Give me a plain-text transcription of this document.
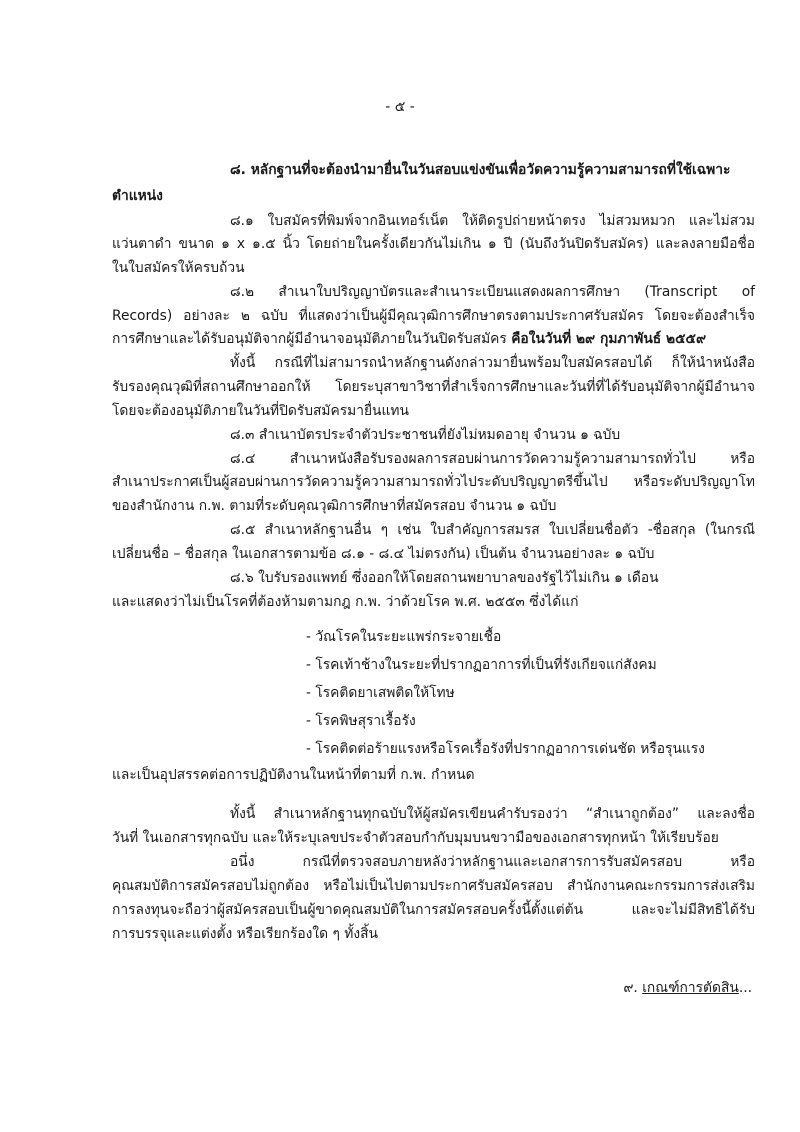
- ๕ -
๘. หลักฐานที่จะต้องนำมายื่นในวันสอบแข่งขันเพื่อวัดความรู้ความสามารถที่ใช้เฉพาะ
ตำแหน่ง
๘.๑ ใบสมัครที่พิมพ์จากอินเทอร์เน็ต ให้ติดรูปถ่ายหน้าตรง ไม่สวมหมวก และไม่สวม
แว่นตาดำ ขนาด ๑ x ๑.๕ นิ้ว โดยถ่ายในครั้งเดียวกันไม่เกิน ๑ ปี (นับถึงวันปิดรับสมัคร) และลงลายมือชื่อ
ในใบสมัครให้ครบถ้วน
๘.๒ สำเนาใบปริญญาบัตรและสำเนาระเบียนแสดงผลการศึกษา (Transcript of
Records) อย่างละ ๒ ฉบับ ที่แสดงว่าเป็นผู้มีคุณวุฒิการศึกษาตรงตามประกาศรับสมัคร โดยจะต้องสำเร็จ
การศึกษาและได้รับอนุมัติจากผู้มีอำนาจอนุมัติภายในวันปิดรับสมัคร คือในวันที่ ๒๙ กุมภาพันธ์ ๒๕๕๙
ทั้งนี้ กรณีที่ไม่สามารถนำหลักฐานดังกล่าวมายื่นพร้อมใบสมัครสอบได้ ก็ให้นำหนังสือ
รับรองคุณวุฒิที่สถานศึกษาออกให้ โดยระบุสาขาวิชาที่สำเร็จการศึกษาและวันที่ที่ได้รับอนุมัติจากผู้มีอำนาจ
โดยจะต้องอนุมัติภายในวันที่ปิดรับสมัครมายื่นแทน
๘.๓ สำเนาบัตรประจำตัวประชาชนที่ยังไม่หมดอายุ จำนวน ๑ ฉบับ
๘.๔ สำเนาหนังสือรับรองผลการสอบผ่านการวัดความรู้ความสามารถทั่วไป หรือ
สำเนาประกาศเป็นผู้สอบผ่านการวัดความรู้ความสามารถทั่วไประดับปริญญาตรีขึ้นไป หรือระดับปริญญาโท
ของสำนักงาน ก.พ. ตามที่ระดับคุณวุฒิการศึกษาที่สมัครสอบ จำนวน ๑ ฉบับ
๘.๕ สำเนาหลักฐานอื่น ๆ เช่น ใบสำคัญการสมรส ใบเปลี่ยนชื่อตัว -ชื่อสกุล (ในกรณี
เปลี่ยนชื่อ – ชื่อสกุล ในเอกสารตามข้อ ๘.๑ - ๘.๔ ไม่ตรงกัน) เป็นต้น จำนวนอย่างละ ๑ ฉบับ
๘.๖ ใบรับรองแพทย์ ซึ่งออกให้โดยสถานพยาบาลของรัฐไว้ไม่เกิน ๑ เดือน
และแสดงว่าไม่เป็นโรคที่ต้องห้ามตามกฎ ก.พ. ว่าด้วยโรค พ.ศ. ๒๕๕๓ ซึ่งได้แก่
- วัณโรคในระยะแพร่กระจายเชื้อ
- โรคเท้าช้างในระยะที่ปรากฏอาการที่เป็นที่รังเกียจแก่สังคม
- โรคติดยาเสพติดให้โทษ
- โรคพิษสุราเรื้อรัง
- โรคติดต่อร้ายแรงหรือโรคเรื้อรังที่ปรากฏอาการเด่นชัด หรือรุนแรง
และเป็นอุปสรรคต่อการปฏิบัติงานในหน้าที่ตามที่ ก.พ. กำหนด
ทั้งนี้ สำเนาหลักฐานทุกฉบับให้ผู้สมัครเขียนคำรับรองว่า “สำเนาถูกต้อง” และลงชื่อ
วันที่ ในเอกสารทุกฉบับ และให้ระบุเลขประจำตัวสอบกำกับมุมบนขวามือของเอกสารทุกหน้า ให้เรียบร้อย
อนึ่ง กรณีที่ตรวจสอบภายหลังว่าหลักฐานและเอกสารการรับสมัครสอบ หรือ
คุณสมบัติการสมัครสอบไม่ถูกต้อง หรือไม่เป็นไปตามประกาศรับสมัครสอบ สำนักงานคณะกรรมการส่งเสริม
การลงทุนจะถือว่าผู้สมัครสอบเป็นผู้ขาดคุณสมบัติในการสมัครสอบครั้งนี้ตั้งแต่ต้น และจะไม่มีสิทธิได้รับ
การบรรจุและแต่งตั้ง หรือเรียกร้องใด ๆ ทั้งสิ้น
๙. เกณฑ์การตัดสิน...
